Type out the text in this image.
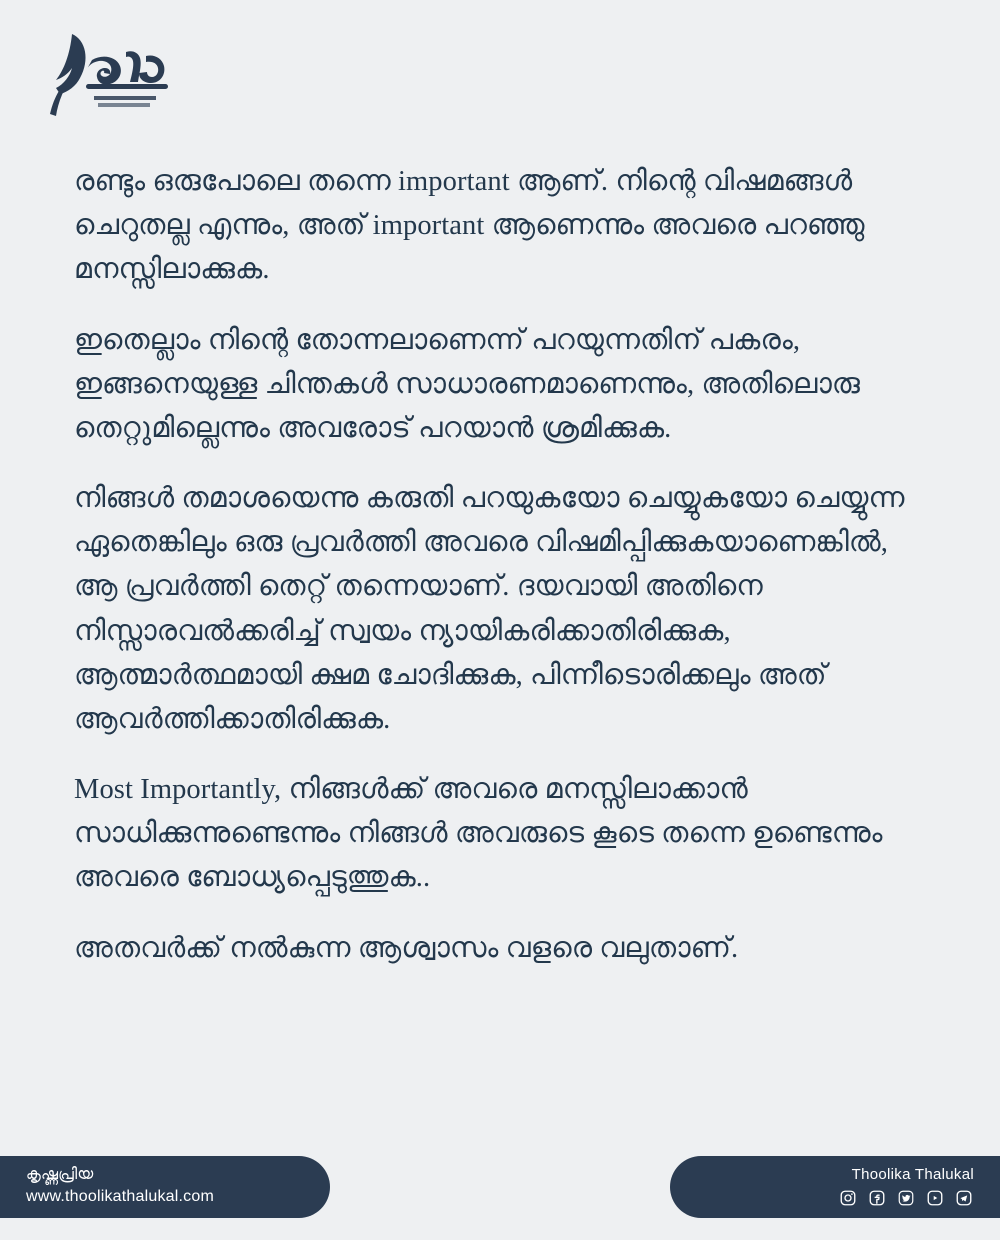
രണ്ടും ഒരുപോലെ തന്നെ important ആണ്. നിന്റെ വിഷമങ്ങൾ ചെറുതല്ല എന്നും, അത് important ആണെന്നും അവരെ പറഞ്ഞു മനസ്സിലാക്കുക.

ഇതെല്ലാം നിന്റെ തോന്നലാണെന്ന് പറയുന്നതിന് പകരം, ഇങ്ങനെയുള്ള ചിന്തകൾ സാധാരണമാണെന്നും, അതിലൊരു തെറ്റുമില്ലെന്നും അവരോട് പറയാൻ ശ്രമിക്കുക.

നിങ്ങൾ തമാശയെന്നു കരുതി പറയുകയോ ചെയ്യുകയോ ചെയ്യുന്ന ഏതെങ്കിലും ഒരു പ്രവർത്തി അവരെ വിഷമിപ്പിക്കുകയാണെങ്കിൽ, ആ പ്രവർത്തി തെറ്റ് തന്നെയാണ്. ദയവായി അതിനെ നിസ്സാരവൽക്കരിച്ച് സ്വയം ന്യായികരിക്കാതിരിക്കുക, ആത്മാർത്ഥമായി ക്ഷമ ചോദിക്കുക, പിന്നീടൊരിക്കലും അത് ആവർത്തിക്കാതിരിക്കുക.

Most Importantly, നിങ്ങൾക്ക് അവരെ മനസ്സിലാക്കാൻ സാധിക്കുന്നുണ്ടെന്നും നിങ്ങൾ അവരുടെ കൂടെ തന്നെ ഉണ്ടെന്നും അവരെ ബോധ്യപ്പെടുത്തുക..

അതവർക്ക് നൽകുന്ന ആശ്വാസം വളരെ വലുതാണ്.

കൃഷ്ണപ്രിയ
www.thoolikathalukal.com
Thoolika Thalukal
